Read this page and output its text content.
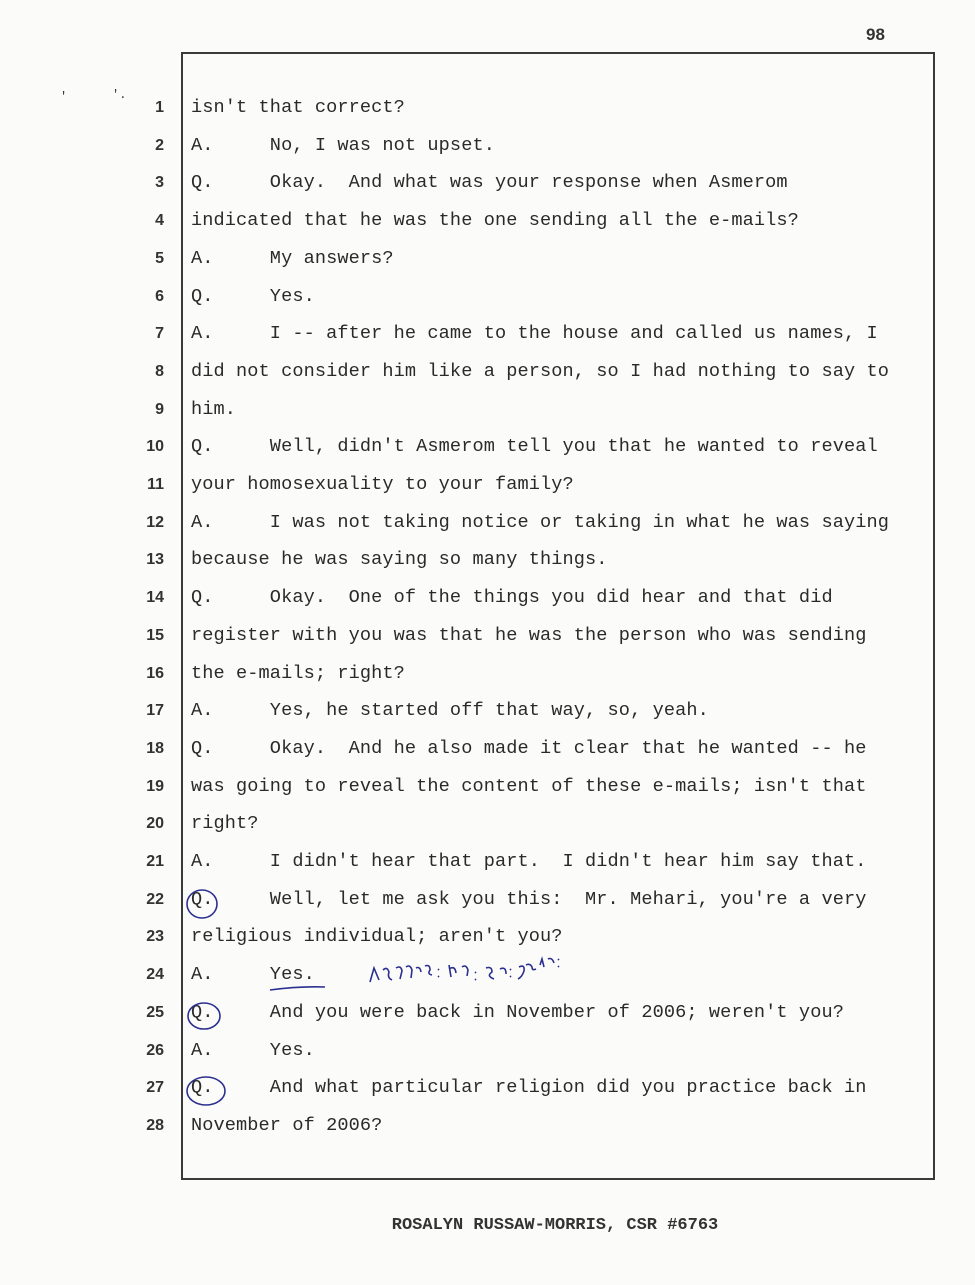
98
'	'.
1 isn't that correct?
2 A.     No, I was not upset.
3 Q.     Okay.  And what was your response when Asmerom
4 indicated that he was the one sending all the e-mails?
5 A.     My answers?
6 Q.     Yes.
7 A.     I -- after he came to the house and called us names, I
8 did not consider him like a person, so I had nothing to say to
9 him.
10 Q.     Well, didn't Asmerom tell you that he wanted to reveal
11 your homosexuality to your family?
12 A.     I was not taking notice or taking in what he was saying
13 because he was saying so many things.
14 Q.     Okay.  One of the things you did hear and that did
15 register with you was that he was the person who was sending
16 the e-mails; right?
17 A.     Yes, he started off that way, so, yeah.
18 Q.     Okay.  And he also made it clear that he wanted -- he
19 was going to reveal the content of these e-mails; isn't that
20 right?
21 A.     I didn't hear that part.  I didn't hear him say that.
22 Q.     Well, let me ask you this:  Mr. Mehari, you're a very
23 religious individual; aren't you?
24 A.     Yes.
25 Q.     And you were back in November of 2006; weren't you?
26 A.     Yes.
27 Q.     And what particular religion did you practice back in
28 November of 2006?
ROSALYN RUSSAW-MORRIS, CSR #6763
